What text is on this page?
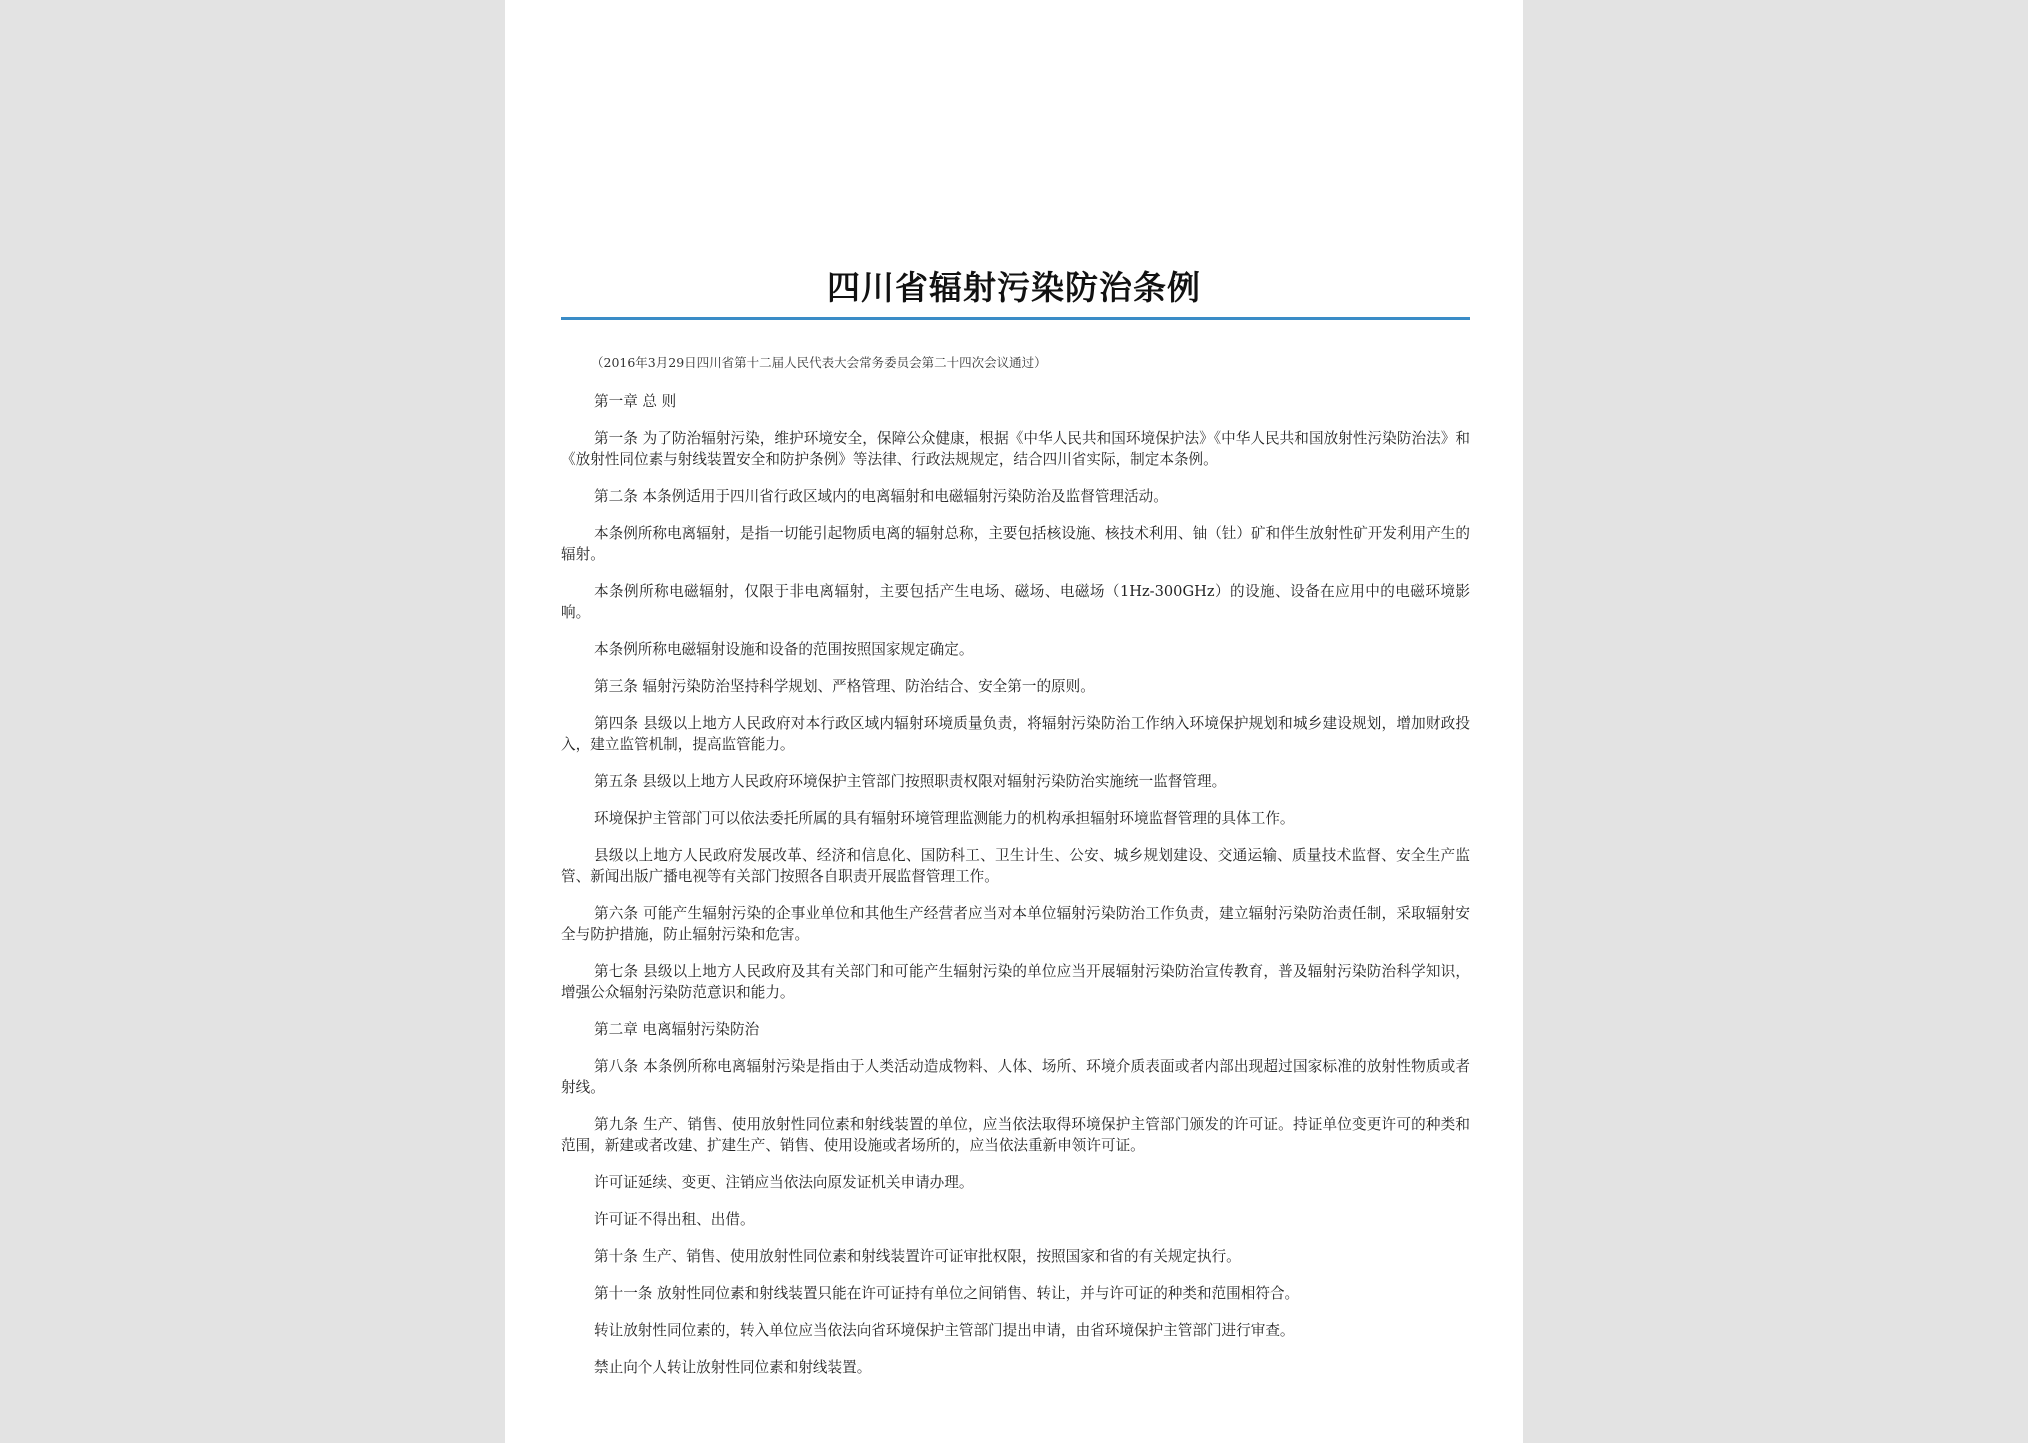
四川省辐射污染防治条例
（2016年3月29日四川省第十二届人民代表大会常务委员会第二十四次会议通过）

第一章 总 则

第一条 为了防治辐射污染，维护环境安全，保障公众健康，根据《中华人民共和国环境保护法》《中华人民共和国放射性污染防治法》和《放射性同位素与射线装置安全和防护条例》等法律、行政法规规定，结合四川省实际，制定本条例。

第二条 本条例适用于四川省行政区域内的电离辐射和电磁辐射污染防治及监督管理活动。

本条例所称电离辐射，是指一切能引起物质电离的辐射总称，主要包括核设施、核技术利用、铀（钍）矿和伴生放射性矿开发利用产生的辐射。

本条例所称电磁辐射，仅限于非电离辐射，主要包括产生电场、磁场、电磁场（1Hz-300GHz）的设施、设备在应用中的电磁环境影响。

本条例所称电磁辐射设施和设备的范围按照国家规定确定。

第三条 辐射污染防治坚持科学规划、严格管理、防治结合、安全第一的原则。

第四条 县级以上地方人民政府对本行政区域内辐射环境质量负责，将辐射污染防治工作纳入环境保护规划和城乡建设规划，增加财政投入，建立监管机制，提高监管能力。

第五条 县级以上地方人民政府环境保护主管部门按照职责权限对辐射污染防治实施统一监督管理。

环境保护主管部门可以依法委托所属的具有辐射环境管理监测能力的机构承担辐射环境监督管理的具体工作。

县级以上地方人民政府发展改革、经济和信息化、国防科工、卫生计生、公安、城乡规划建设、交通运输、质量技术监督、安全生产监管、新闻出版广播电视等有关部门按照各自职责开展监督管理工作。

第六条 可能产生辐射污染的企事业单位和其他生产经营者应当对本单位辐射污染防治工作负责，建立辐射污染防治责任制，采取辐射安全与防护措施，防止辐射污染和危害。

第七条 县级以上地方人民政府及其有关部门和可能产生辐射污染的单位应当开展辐射污染防治宣传教育，普及辐射污染防治科学知识，增强公众辐射污染防范意识和能力。

第二章 电离辐射污染防治

第八条 本条例所称电离辐射污染是指由于人类活动造成物料、人体、场所、环境介质表面或者内部出现超过国家标准的放射性物质或者射线。

第九条 生产、销售、使用放射性同位素和射线装置的单位，应当依法取得环境保护主管部门颁发的许可证。持证单位变更许可的种类和范围，新建或者改建、扩建生产、销售、使用设施或者场所的，应当依法重新申领许可证。

许可证延续、变更、注销应当依法向原发证机关申请办理。

许可证不得出租、出借。

第十条 生产、销售、使用放射性同位素和射线装置许可证审批权限，按照国家和省的有关规定执行。

第十一条 放射性同位素和射线装置只能在许可证持有单位之间销售、转让，并与许可证的种类和范围相符合。

转让放射性同位素的，转入单位应当依法向省环境保护主管部门提出申请，由省环境保护主管部门进行审查。

禁止向个人转让放射性同位素和射线装置。
